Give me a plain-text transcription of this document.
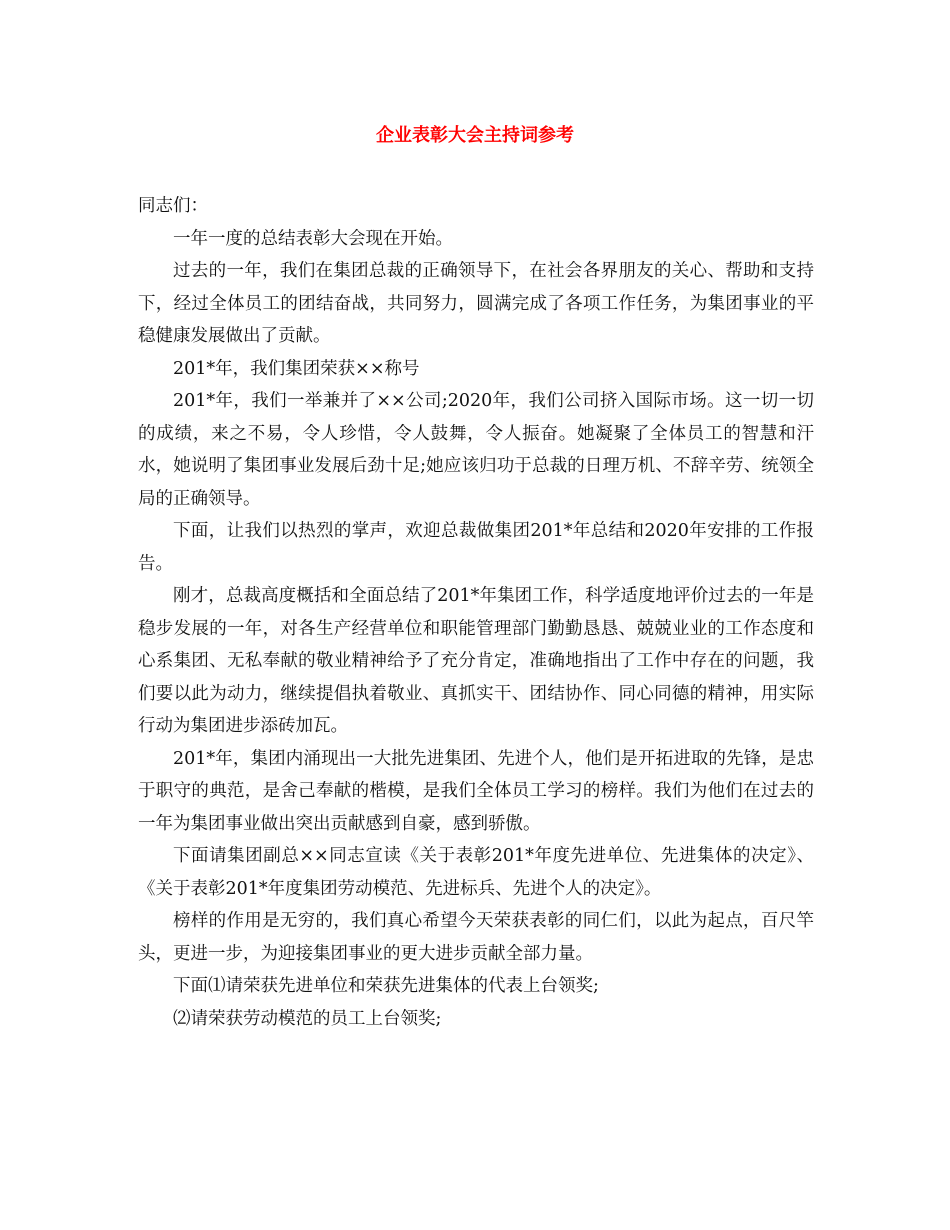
企业表彰大会主持词参考

同志们：

一年一度的总结表彰大会现在开始。

过去的一年，我们在集团总裁的正确领导下，在社会各界朋友的关心、帮助和支持下，经过全体员工的团结奋战，共同努力，圆满完成了各项工作任务，为集团事业的平稳健康发展做出了贡献。

201*年，我们集团荣获××称号

201*年，我们一举兼并了××公司;2020年，我们公司挤入国际市场。这一切一切的成绩，来之不易，令人珍惜，令人鼓舞，令人振奋。她凝聚了全体员工的智慧和汗水，她说明了集团事业发展后劲十足;她应该归功于总裁的日理万机、不辞辛劳、统领全局的正确领导。

下面，让我们以热烈的掌声，欢迎总裁做集团201*年总结和2020年安排的工作报告。

刚才，总裁高度概括和全面总结了201*年集团工作，科学适度地评价过去的一年是稳步发展的一年，对各生产经营单位和职能管理部门勤勤恳恳、兢兢业业的工作态度和心系集团、无私奉献的敬业精神给予了充分肯定，准确地指出了工作中存在的问题，我们要以此为动力，继续提倡执着敬业、真抓实干、团结协作、同心同德的精神，用实际行动为集团进步添砖加瓦。

201*年，集团内涌现出一大批先进集团、先进个人，他们是开拓进取的先锋，是忠于职守的典范，是舍己奉献的楷模，是我们全体员工学习的榜样。我们为他们在过去的一年为集团事业做出突出贡献感到自豪，感到骄傲。

下面请集团副总××同志宣读《关于表彰201*年度先进单位、先进集体的决定》、《关于表彰201*年度集团劳动模范、先进标兵、先进个人的决定》。

榜样的作用是无穷的，我们真心希望今天荣获表彰的同仁们，以此为起点，百尺竿头，更进一步，为迎接集团事业的更大进步贡献全部力量。

下面⑴请荣获先进单位和荣获先进集体的代表上台领奖;

⑵请荣获劳动模范的员工上台领奖;
